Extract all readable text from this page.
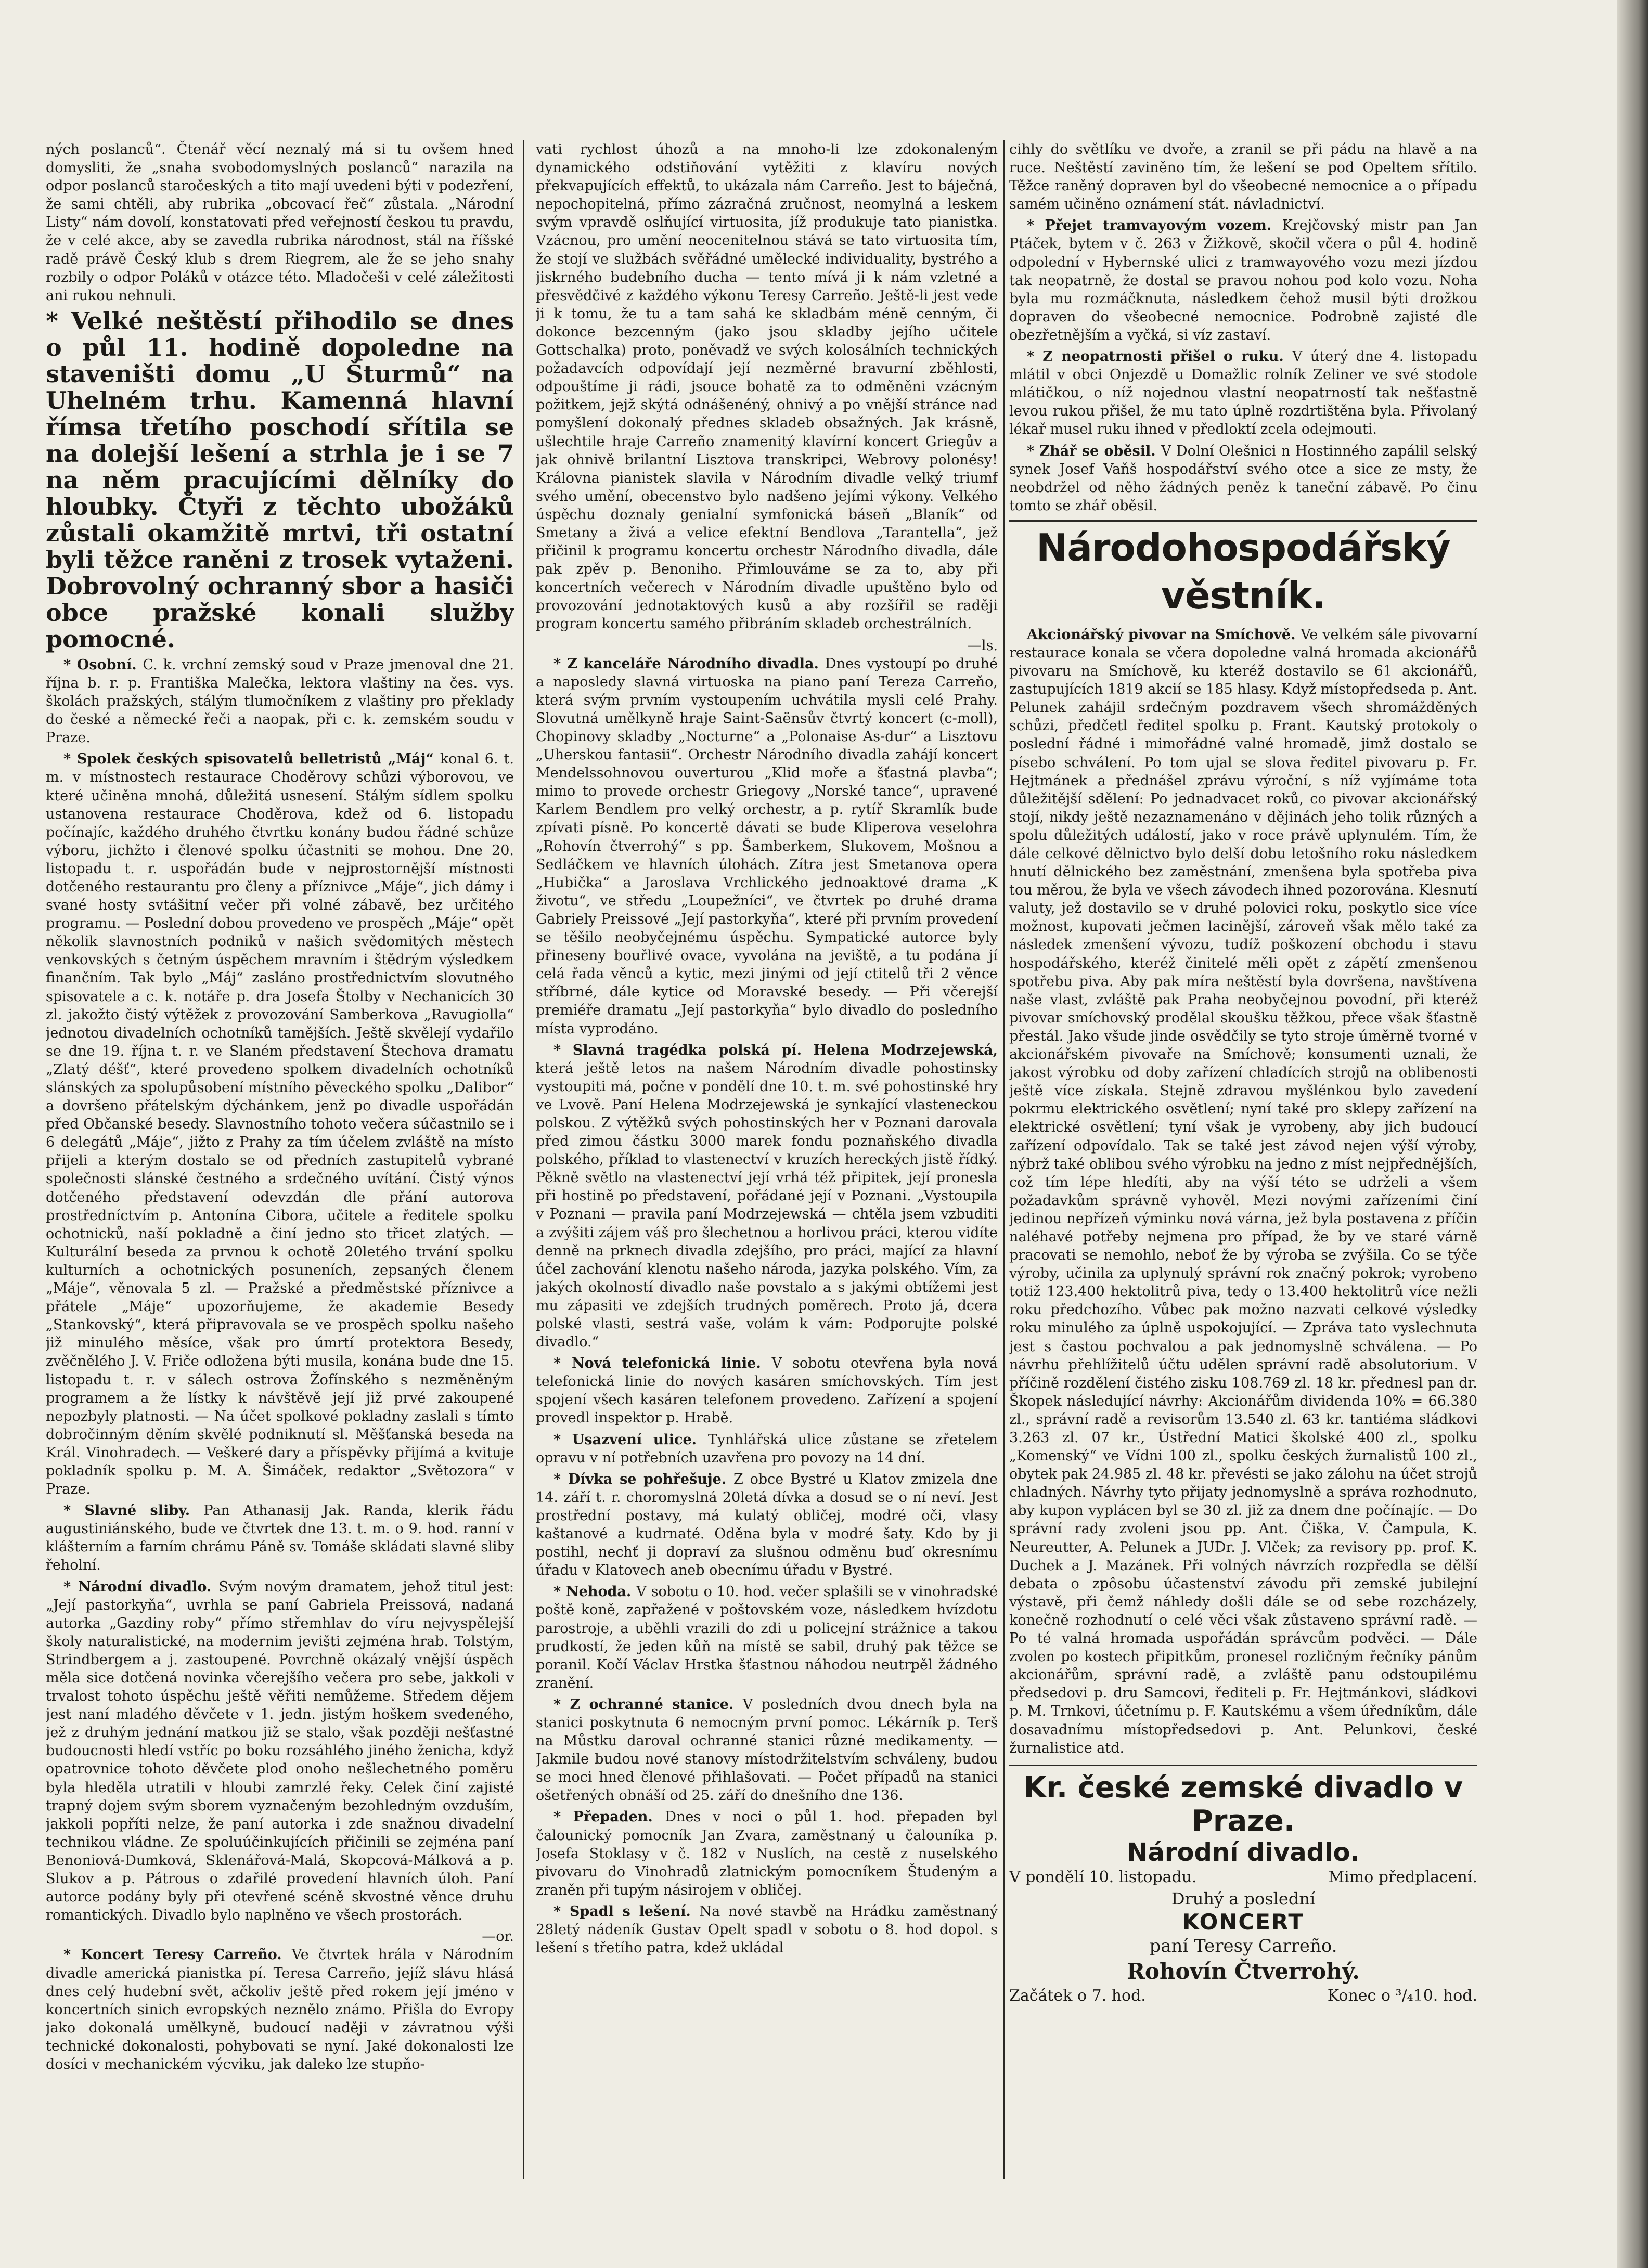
ných poslanců“. Čtenář věcí neznalý má si tu ovšem hned domysliti, že „snaha svobodomyslných poslanců“ narazila na odpor poslanců staročeských a tito mají uvedeni býti v podezření, že sami chtěli, aby rubrika „obcovací řeč“ zůstala. „Národní Listy“ nám dovolí, konstatovati před veřejností českou tu pravdu, že v celé akce, aby se zavedla rubrika národnost, stál na říšské radě právě Český klub s drem Riegrem, ale že se jeho snahy rozbily o odpor Poláků v otázce této. Mladočeši v celé záležitosti ani rukou nehnuli.

* Velké neštěstí přihodilo se dnes o půl 11. hodině dopoledne na staveništi domu „U Šturmů“ na Uhelném trhu. Kamenná hlavní římsa třetího poschodí sřítila se na dolejší lešení a strhla je i se 7 na něm pracujícími dělníky do hloubky. Čtyři z těchto ubožáků zůstali okamžitě mrtvi, tři ostatní byli těžce raněni z trosek vytaženi. Dobrovolný ochranný sbor a hasiči obce pražské konali služby pomocné.

* Osobní. C. k. vrchní zemský soud v Praze jmenoval dne 21. října b. r. p. Františka Malečka, lektora vlaštiny na čes. vys. školách pražských, stálým tlumočníkem z vlaštiny pro překlady do české a německé řeči a naopak, při c. k. zemském soudu v Praze.

* Spolek českých spisovatelů belletristů „Máj“ konal 6. t. m. v místnostech restaurace Choděrovy schůzi výborovou, ve které učiněna mnohá, důležitá usnesení. Stálým sídlem spolku ustanovena restaurace Choděrova, kdež od 6. listopadu počínajíc, každého druhého čtvrtku konány budou řádné schůze výboru, jichžto i členové spolku účastniti se mohou. Dne 20. listopadu t. r. uspořádán bude v nejprostornější místnosti dotčeného restaurantu pro členy a příznivce „Máje“, jich dámy i svané hosty svtášitní večer při volné zábavě, bez určitého programu. — Poslední dobou provedeno ve prospěch „Máje“ opět několik slavnostních podniků v našich svědomitých městech venkovských s četným úspěchem mravním i štědrým výsledkem finančním. Tak bylo „Máj“ zasláno prostřednictvím slovutného spisovatele a c. k. notáře p. dra Josefa Štolby v Nechanicích 30 zl. jakožto čistý výtěžek z provozování Samberkova „Ravugiolla“ jednotou divadelních ochotníků tamějších. Ještě skvělejí vydařilo se dne 19. října t. r. ve Slaném představení Štechova dramatu „Zlatý déšť“, které provedeno spolkem divadelních ochotníků slánských za spolupůsobení místního pěveckého spolku „Dalibor“ a dovršeno přátelským dýchánkem, jenž po divadle uspořádán před Občanské besedy. Slavnostního tohoto večera súčastnilo se i 6 delegátů „Máje“, jižto z Prahy za tím účelem zvláště na místo přijeli a kterým dostalo se od předních zastupitelů vybrané společnosti slánské čestného a srdečného uvítání. Čistý výnos dotčeného představení odevzdán dle přání autorova prostředníctvím p. Antonína Cibora, učitele a ředitele spolku ochotnicků, naší pokladně a činí jedno sto třicet zlatých. — Kulturální beseda za prvnou k ochotě 20letého trvání spolku kulturních a ochotnických posuneních, zepsaných členem „Máje“, věnovala 5 zl. — Pražské a předměstské příznivce a přátele „Máje“ upozorňujeme, že akademie Besedy „Stankovský“, která připravovala se ve prospěch spolku našeho již minulého měsíce, však pro úmrtí protektora Besedy, zvěčnělého J. V. Friče odložena býti musila, konána bude dne 15. listopadu t. r. v sálech ostrova Žofínského s nezměněným programem a že lístky k návštěvě její již prvé zakoupené nepozbyly platnosti. — Na účet spolkové pokladny zaslali s tímto dobročinným děním skvělé podniknutí sl. Měšťanská beseda na Král. Vinohradech. — Veškeré dary a příspěvky přijímá a kvituje pokladník spolku p. M. A. Šimáček, redaktor „Světozora“ v Praze.

* Slavné sliby. Pan Athanasij Jak. Randa, klerik řádu augustiniánského, bude ve čtvrtek dne 13. t. m. o 9. hod. ranní v klášterním a farním chrámu Páně sv. Tomáše skládati slavné sliby řeholní.

* Národní divadlo. Svým novým dramatem, jehož titul jest: „Její pastorkyňa“, uvrhla se paní Gabriela Preissová, nadaná autorka „Gazdiny roby“ přímo střemhlav do víru nejvyspělejší školy naturalistické, na modernim jevišti zejména hrab. Tolstým, Strindbergem a j. zastoupené. Povrchně okázalý vnější úspěch měla sice dotčená novinka včerejšího večera pro sebe, jakkoli v trvalost tohoto úspěchu ještě věřiti nemůžeme. Středem dějem jest naní mladého děvčete v 1. jedn. jistým hoškem svedeného, jež z druhým jednání matkou již se stalo, však později nešťastné budoucnosti hledí vstříc po boku rozsáhlého jiného ženicha, když opatrovnice tohoto děvčete plod onoho nešlechetného poměru byla hleděla utratili v hloubi zamrzlé řeky. Celek činí zajisté trapný dojem svým sborem vyznačeným bezohledným ovzduším, jakkoli popříti nelze, že paní autorka i zde snažnou divadelní technikou vládne. Ze spoluúčinkujících přičinili se zejména paní Benoniová-Dumková, Sklenářová-Malá, Skopcová-Málková a p. Slukov a p. Pátrous o zdařilé provedení hlavních úloh. Paní autorce podány byly při otevřené scéně skvostné věnce druhu romantických. Divadlo bylo naplněno ve všech prostorách.

—or.

* Koncert Teresy Carreño. Ve čtvrtek hrála v Národním divadle americká pianistka pí. Teresa Carreño, jejíž slávu hlásá dnes celý hudební svět, ačkoliv ještě před rokem její jméno v koncertních sinich evropských neznělo známo. Přišla do Evropy jako dokonalá umělkyně, budoucí naději v závratnou výši technické dokonalosti, pohybovati se nyní. Jaké dokonalosti lze dosíci v mechanickém výcviku, jak daleko lze stupňo-

vati rychlost úhozů a na mnoho-li lze zdokonaleným dynamického odstiňování vytěžiti z klavíru nových překvapujících effektů, to ukázala nám Carreño. Jest to báječná, nepochopitelná, přímo zázračná zručnost, neomylná a leskem svým vpravdě oslňující virtuosita, jíž produkuje tato pianistka. Vzácnou, pro umění neocenitelnou stává se tato virtuosita tím, že stojí ve službách svěřádné umělecké individuality, bystrého a jiskrného budebního ducha — tento mívá ji k nám vzletné a přesvědčivé z každého výkonu Teresy Carreño. Ještě-li jest vede ji k tomu, že tu a tam sahá ke skladbám méně cenným, či dokonce bezcenným (jako jsou skladby jejího učitele Gottschalka) proto, poněvadž ve svých kolosálních technických požadavcích odpovídají její nezměrné bravurní zběhlosti, odpouštíme ji rádi, jsouce bohatě za to odměněni vzácným požitkem, jejž skýtá odnášenéný, ohnivý a po vnější stránce nad pomyšlení dokonalý přednes skladeb obsažných. Jak krásně, ušlechtile hraje Carreño znamenitý klavírní koncert Griegův a jak ohnivě brilantní Lisztova transkripci, Webrovy polonésy! Královna pianistek slavila v Národním divadle velký triumf svého umění, obecenstvo bylo nadšeno jejími výkony. Velkého úspěchu doznaly genialní symfonická báseň „Blaník“ od Smetany a živá a velice efektní Bendlova „Tarantella“, jež přičinil k programu koncertu orchestr Národního divadla, dále pak zpěv p. Benoniho. Přimlouváme se za to, aby při koncertních večerech v Národním divadle upuštěno bylo od provozování jednotaktových kusů a aby rozšířil se raději program koncertu samého přibráním skladeb orchestrálních.

—ls.

* Z kanceláře Národního divadla. Dnes vystoupí po druhé a naposledy slavná virtuoska na piano paní Tereza Carreňo, která svým prvním vystoupením uchvátila mysli celé Prahy. Slovutná umělkyně hraje Saint-Saënsův čtvrtý koncert (c-moll), Chopinovy skladby „Nocturne“ a „Polonaise As-dur“ a Lisztovu „Uherskou fantasii“. Orchestr Národního divadla zahájí koncert Mendelssohnovou ouverturou „Klid moře a šťastná plavba“; mimo to provede orchestr Griegovy „Norské tance“, upravené Karlem Bendlem pro velký orchestr, a p. rytíř Skramlík bude zpívati písně. Po koncertě dávati se bude Kliperova veselohra „Rohovín čtverrohý“ s pp. Šamberkem, Slukovem, Mošnou a Sedláčkem ve hlavních úlohách. Zítra jest Smetanova opera „Hubička“ a Jaroslava Vrchlického jednoaktové drama „K životu“, ve středu „Loupežníci“, ve čtvrtek po druhé drama Gabriely Preissové „Její pastorkyňa“, které při prvním provedení se těšilo neobyčejnému úspěchu. Sympatické autorce byly přineseny bouřlivé ovace, vyvolána na jeviště, a tu podána jí celá řada věnců a kytic, mezi jinými od její ctitelů tři 2 věnce stříbrné, dále kytice od Moravské besedy. — Při včerejší premiéře dramatu „Její pastorkyňa“ bylo divadlo do posledního místa vyprodáno.

* Slavná tragédka polská pí. Helena Modrzejewská, která ještě letos na našem Národním divadle pohostinsky vystoupiti má, počne v pondělí dne 10. t. m. své pohostinské hry ve Lvově. Paní Helena Modrzejewská je synkající vlasteneckou polskou. Z výtěžků svých pohostinských her v Poznani darovala před zimou částku 3000 marek fondu poznaňského divadla polského, příklad to vlastenectví v kruzích hereckých jistě řídký. Pěkně světlo na vlastenectví její vrhá též připitek, její pronesla při hostině po představení, pořádané její v Poznani. „Vystoupila v Poznani — pravila paní Modrzejewská — chtěla jsem vzbuditi a zvýšiti zájem váš pro šlechetnou a horlivou práci, kterou vidíte denně na prknech divadla zdejšího, pro práci, mající za hlavní účel zachování klenotu našeho národa, jazyka polského. Vím, za jakých okolností divadlo naše povstalo a s jakými obtížemi jest mu zápasiti ve zdejších trudných poměrech. Proto já, dcera polské vlasti, sestrá vaše, volám k vám: Podporujte polské divadlo.“

* Nová telefonická linie. V sobotu otevřena byla nová telefonická linie do nových kasáren smíchovských. Tím jest spojení všech kasáren telefonem provedeno. Zařízení a spojení provedl inspektor p. Hrabě.

* Usazvení ulice. Tynhlářská ulice zůstane se zřetelem opravu v ní potřebních uzavřena pro povozy na 14 dní.

* Dívka se pohřešuje. Z obce Bystré u Klatov zmizela dne 14. září t. r. choromyslná 20letá dívka a dosud se o ní neví. Jest prostřední postavy, má kulatý obličej, modré oči, vlasy kaštanové a kudrnaté. Oděna byla v modré šaty. Kdo by ji postihl, nechť ji dopraví za slušnou odměnu buď okresnímu úřadu v Klatovech aneb obecnímu úřadu v Bystré.

* Nehoda. V sobotu o 10. hod. večer splašili se v vinohradské poště koně, zapřažené v poštovském voze, následkem hvízdotu parostroje, a uběhli vrazili do zdi u policejní strážnice a takou prudkostí, že jeden kůň na místě se sabil, druhý pak těžce se poranil. Kočí Václav Hrstka šťastnou náhodou neutrpěl žádného zranění.

* Z ochranné stanice. V posledních dvou dnech byla na stanici poskytnuta 6 nemocným první pomoc. Lékárník p. Terš na Můstku daroval ochranné stanici různé medikamenty. — Jakmile budou nové stanovy místodržitelstvím schváleny, budou se moci hned členové přihlašovati. — Počet případů na stanici ošetřených obnáší od 25. září do dnešního dne 136.

* Přepaden. Dnes v noci o půl 1. hod. přepaden byl čalounický pomocník Jan Zvara, zaměstnaný u čalouníka p. Josefa Stoklasy v č. 182 v Nuslích, na cestě z nuselského pivovaru do Vinohradů zlatnickým pomocníkem Študeným a zraněn při tupým násirojem v obličej.

* Spadl s lešení. Na nové stavbě na Hrádku zaměstnaný 28letý nádeník Gustav Opelt spadl v sobotu o 8. hod dopol. s lešení s třetího patra, kdež ukládal

cihly do světlíku ve dvoře, a zranil se při pádu na hlavě a na ruce. Neštěstí zaviněno tím, že lešení se pod Opeltem sřítilo. Těžce raněný dopraven byl do všeobecné nemocnice a o případu samém učiněno oznámení stát. návladnictví.

* Přejet tramvayovým vozem. Krejčovský mistr pan Jan Ptáček, bytem v č. 263 v Žižkově, skočil včera o půl 4. hodině odpolední v Hybernské ulici z tramwayového vozu mezi jízdou tak neopatrně, že dostal se pravou nohou pod kolo vozu. Noha byla mu rozmáčknuta, následkem čehož musil býti drožkou dopraven do všeobecné nemocnice. Podrobně zajisté dle obezřetnějším a vyčká, si víz zastaví.

* Z neopatrnosti přišel o ruku. V úterý dne 4. listopadu mlátil v obci Onjezdě u Domažlic rolník Zeliner ve své stodole mlátičkou, o níž nojednou vlastní neopatrností tak nešťastně levou rukou přišel, že mu tato úplně rozdrtištěna byla. Přivolaný lékař musel ruku ihned v předloktí zcela odejmouti.

* Zhář se oběsil. V Dolní Olešnici n Hostinného zapálil selský synek Josef Vaňš hospodářství svého otce a sice ze msty, že neobdržel od něho žádných peněz k taneční zábavě. Po činu tomto se zhář oběsil.

Národohospodářský věstník.

Akcionářský pivovar na Smíchově. Ve velkém sále pivovarní restaurace konala se včera dopoledne valná hromada akcionářů pivovaru na Smíchově, ku kteréž dostavilo se 61 akcionářů, zastupujících 1819 akcií se 185 hlasy. Když místopředseda p. Ant. Pelunek zahájil srdečným pozdravem všech shromážděných schůzi, předčetl ředitel spolku p. Frant. Kautský protokoly o poslední řádné i mimořádné valné hromadě, jimž dostalo se písebo schválení. Po tom ujal se slova ředitel pivovaru p. Fr. Hejtmánek a přednášel zprávu výroční, s níž vyjímáme tota důležitější sdělení: Po jednadvacet roků, co pivovar akcionářský stojí, nikdy ještě nezaznamenáno v dějinách jeho tolik různých a spolu důležitých událostí, jako v roce právě uplynulém. Tím, že dále celkové dělnictvo bylo delší dobu letošního roku následkem hnutí dělnického bez zaměstnání, zmenšena byla spotřeba piva tou měrou, že byla ve všech závodech ihned pozorována. Klesnutí valuty, jež dostavilo se v druhé polovici roku, poskytlo sice více možnost, kupovati ječmen lacinější, zároveň však mělo také za následek zmenšení vývozu, tudíž poškození obchodu i stavu hospodářského, kteréž činitelé měli opět z zápětí zmenšenou spotřebu piva. Aby pak míra neštěstí byla dovršena, navštívena naše vlast, zvláště pak Praha neobyčejnou povodní, při kteréž pivovar smíchovský prodělal skoušku těžkou, přece však šťastně přestál. Jako všude jinde osvědčily se tyto stroje úměrně tvorné v akcionářském pivovaře na Smíchově; konsumenti uznali, že jakost výrobku od doby zařízení chladících strojů na oblibenosti ještě více získala. Stejně zdravou myšlénkou bylo zavedení pokrmu elektrického osvětlení; nyní také pro sklepy zařízení na elektrické osvětlení; tyní však je vyrobeny, aby jich budoucí zařízení odpovídalo. Tak se také jest závod nejen výší výroby, nýbrž také oblibou svého výrobku na jedno z míst nejpřednějších, což tím lépe hledíti, aby na výší této se udrželi a všem požadavkům správně vyhověl. Mezi novými zařízeními činí jedinou nepřízeň výminku nová várna, jež byla postavena z příčin naléhavé potřeby nejmena pro případ, že by ve staré várně pracovati se nemohlo, neboť že by výroba se zvýšila. Co se týče výroby, učinila za uplynulý správní rok značný pokrok; vyrobeno totiž 123.400 hektolitrů piva, tedy o 13.400 hektolitrů více nežli roku předchozího. Vůbec pak možno nazvati celkové výsledky roku minulého za úplně uspokojující. — Zpráva tato vyslechnuta jest s častou pochvalou a pak jednomyslně schválena. — Po návrhu přehlížitelů účtu udělen správní radě absolutorium. V příčině rozdělení čistého zisku 108.769 zl. 18 kr. přednesl pan dr. Škopek následující návrhy: Akcionářům dividenda 10% = 66.380 zl., správní radě a revisorům 13.540 zl. 63 kr. tantiéma sládkovi 3.263 zl. 07 kr., Ústřední Matici školské 400 zl., spolku „Komenský“ ve Vídni 100 zl., spolku českých žurnalistů 100 zl., obytek pak 24.985 zl. 48 kr. převésti se jako zálohu na účet strojů chladných. Návrhy tyto přijaty jednomyslně a správa rozhodnuto, aby kupon vyplácen byl se 30 zl. již za dnem dne počínajíc. — Do správní rady zvoleni jsou pp. Ant. Čiška, V. Čampula, K. Neureutter, A. Pelunek a JUDr. J. Vlček; za revisory pp. prof. K. Duchek a J. Mazánek. Při volných návrzích rozpředla se dělší debata o zpôsobu účastenství závodu při zemské jubilejní výstavě, při čemž náhledy došli dále se od sebe rozcházely, konečně rozhodnutí o celé věci však zůstaveno správní radě. — Po té valná hromada uspořádán správcům podvěci. — Dále zvolen po kostech připitkům, pronesel rozličným řečníky pánům akcionářům, správní radě, a zvláště panu odstoupilému předsedovi p. dru Samcovi, řediteli p. Fr. Hejtmánkovi, sládkovi p. M. Trnkovi, účetnímu p. F. Kautskému a všem úředníkům, dále dosavadnímu místopředsedovi p. Ant. Pelunkovi, české žurnalistice atd.

Kr. české zemské divadlo v Praze.
Národní divadlo.
V pondělí 10. listopadu.	Mimo předplacení.
Druhý a poslední
KONCERT
paní Teresy Carreño.
Rohovín Čtverrohý.
Začátek o 7. hod.	Konec o ³/₄10. hod.
